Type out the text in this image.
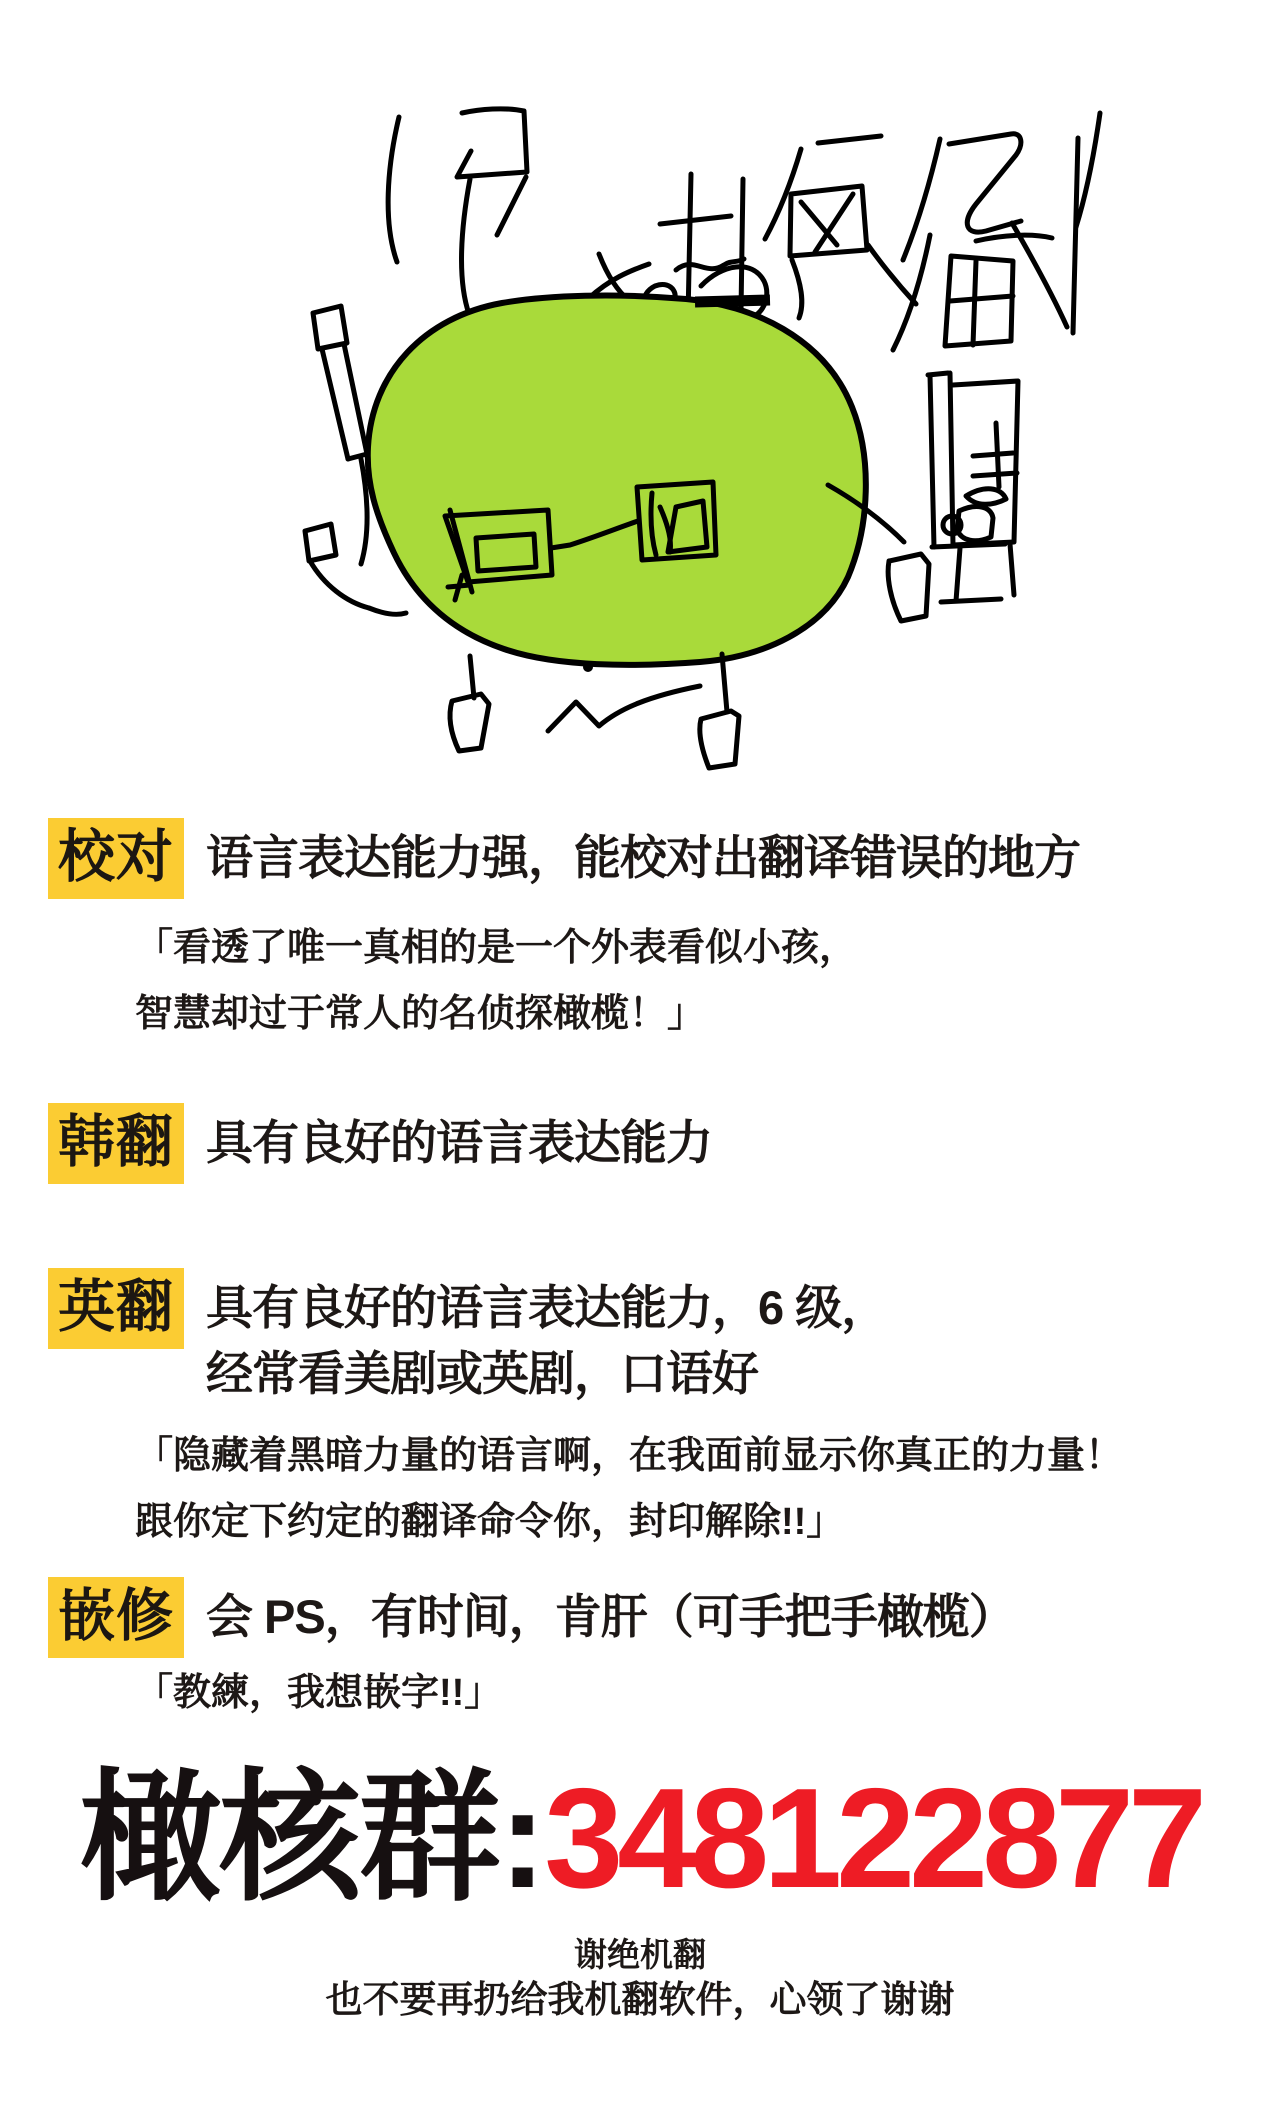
校对 语言表达能力强，能校对出翻译错误的地方
「看透了唯一真相的是一个外表看似小孩，
智慧却过于常人的名侦探橄榄！」
韩翻 具有良好的语言表达能力
英翻 具有良好的语言表达能力，6 级，
经常看美剧或英剧，口语好
「隐藏着黑暗力量的语言啊，在我面前显示你真正的力量！
跟你定下约定的翻译命令你，封印解除!!」
嵌修 会 PS，有时间，肯肝（可手把手橄榄）
「教練，我想嵌字!!」
橄核群:348122877
谢绝机翻
也不要再扔给我机翻软件，心领了谢谢
